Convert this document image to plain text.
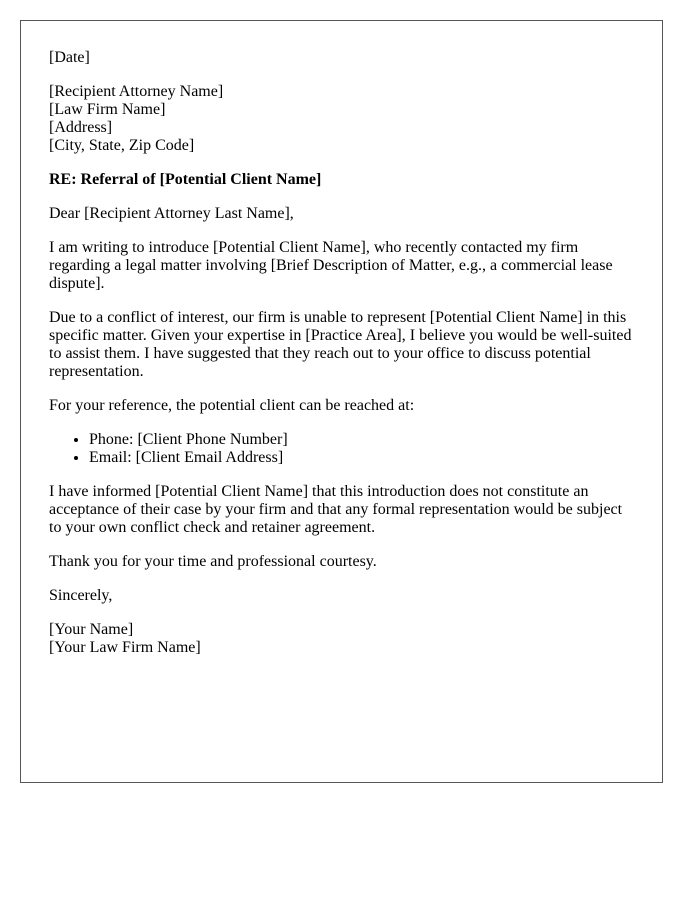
[Date]

[Recipient Attorney Name]
[Law Firm Name]
[Address]
[City, State, Zip Code]

RE: Referral of [Potential Client Name]

Dear [Recipient Attorney Last Name],

I am writing to introduce [Potential Client Name], who recently contacted my firm regarding a legal matter involving [Brief Description of Matter, e.g., a commercial lease dispute].

Due to a conflict of interest, our firm is unable to represent [Potential Client Name] in this specific matter. Given your expertise in [Practice Area], I believe you would be well-suited to assist them. I have suggested that they reach out to your office to discuss potential representation.

For your reference, the potential client can be reached at:

• Phone: [Client Phone Number]
• Email: [Client Email Address]

I have informed [Potential Client Name] that this introduction does not constitute an acceptance of their case by your firm and that any formal representation would be subject to your own conflict check and retainer agreement.

Thank you for your time and professional courtesy.

Sincerely,

[Your Name]
[Your Law Firm Name]
